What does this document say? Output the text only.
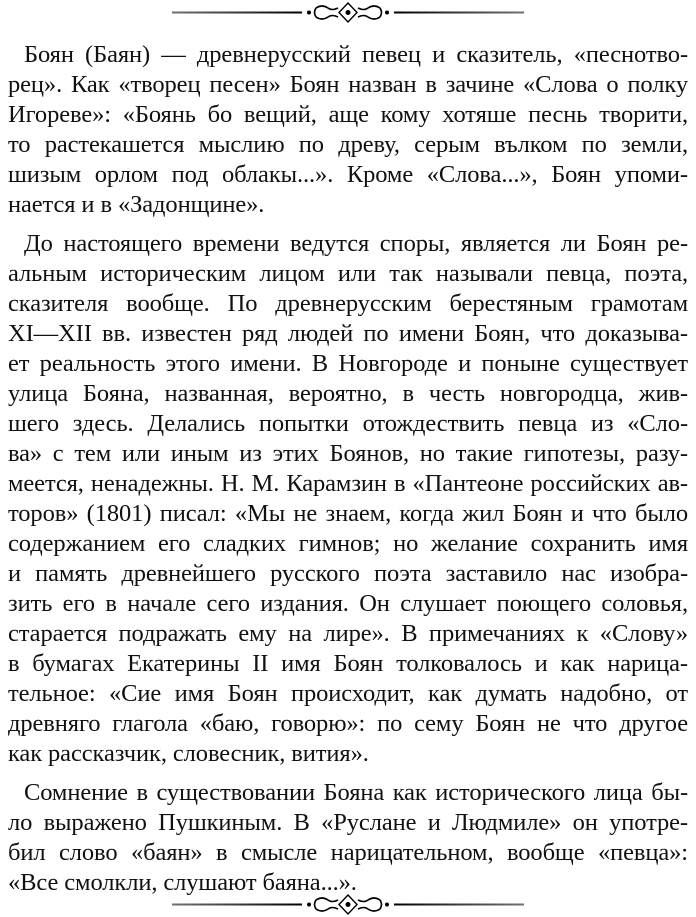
Боян (Баян) — древнерусский певец и сказитель, «песнотво-
рец». Как «творец песен» Боян назван в зачине «Слова о полку
Игореве»: «Боянь бо вещий, аще кому хотяше песнь творити,
то растекашется мыслию по древу, серым вълком по земли,
шизым орлом под облакы...». Кроме «Слова...», Боян упоми-
нается и в «Задонщине».
До настоящего времени ведутся споры, является ли Боян ре-
альным историческим лицом или так называли певца, поэта,
сказителя вообще. По древнерусским берестяным грамотам
XI—XII вв. известен ряд людей по имени Боян, что доказыва-
ет реальность этого имени. В Новгороде и поныне существует
улица Бояна, названная, вероятно, в честь новгородца, жив-
шего здесь. Делались попытки отождествить певца из «Сло-
ва» с тем или иным из этих Боянов, но такие гипотезы, разу-
меется, ненадежны. Н. М. Карамзин в «Пантеоне российских ав-
торов» (1801) писал: «Мы не знаем, когда жил Боян и что было
содержанием его сладких гимнов; но желание сохранить имя
и память древнейшего русского поэта заставило нас изобра-
зить его в начале сего издания. Он слушает поющего соловья,
старается подражать ему на лире». В примечаниях к «Слову»
в бумагах Екатерины II имя Боян толковалось и как нарица-
тельное: «Сие имя Боян происходит, как думать надобно, от
древняго глагола «баю, говорю»: по сему Боян не что другое
как рассказчик, словесник, вития».
Сомнение в существовании Бояна как исторического лица бы-
ло выражено Пушкиным. В «Руслане и Людмиле» он употре-
бил слово «баян» в смысле нарицательном, вообще «певца»:
«Все смолкли, слушают баяна...».
